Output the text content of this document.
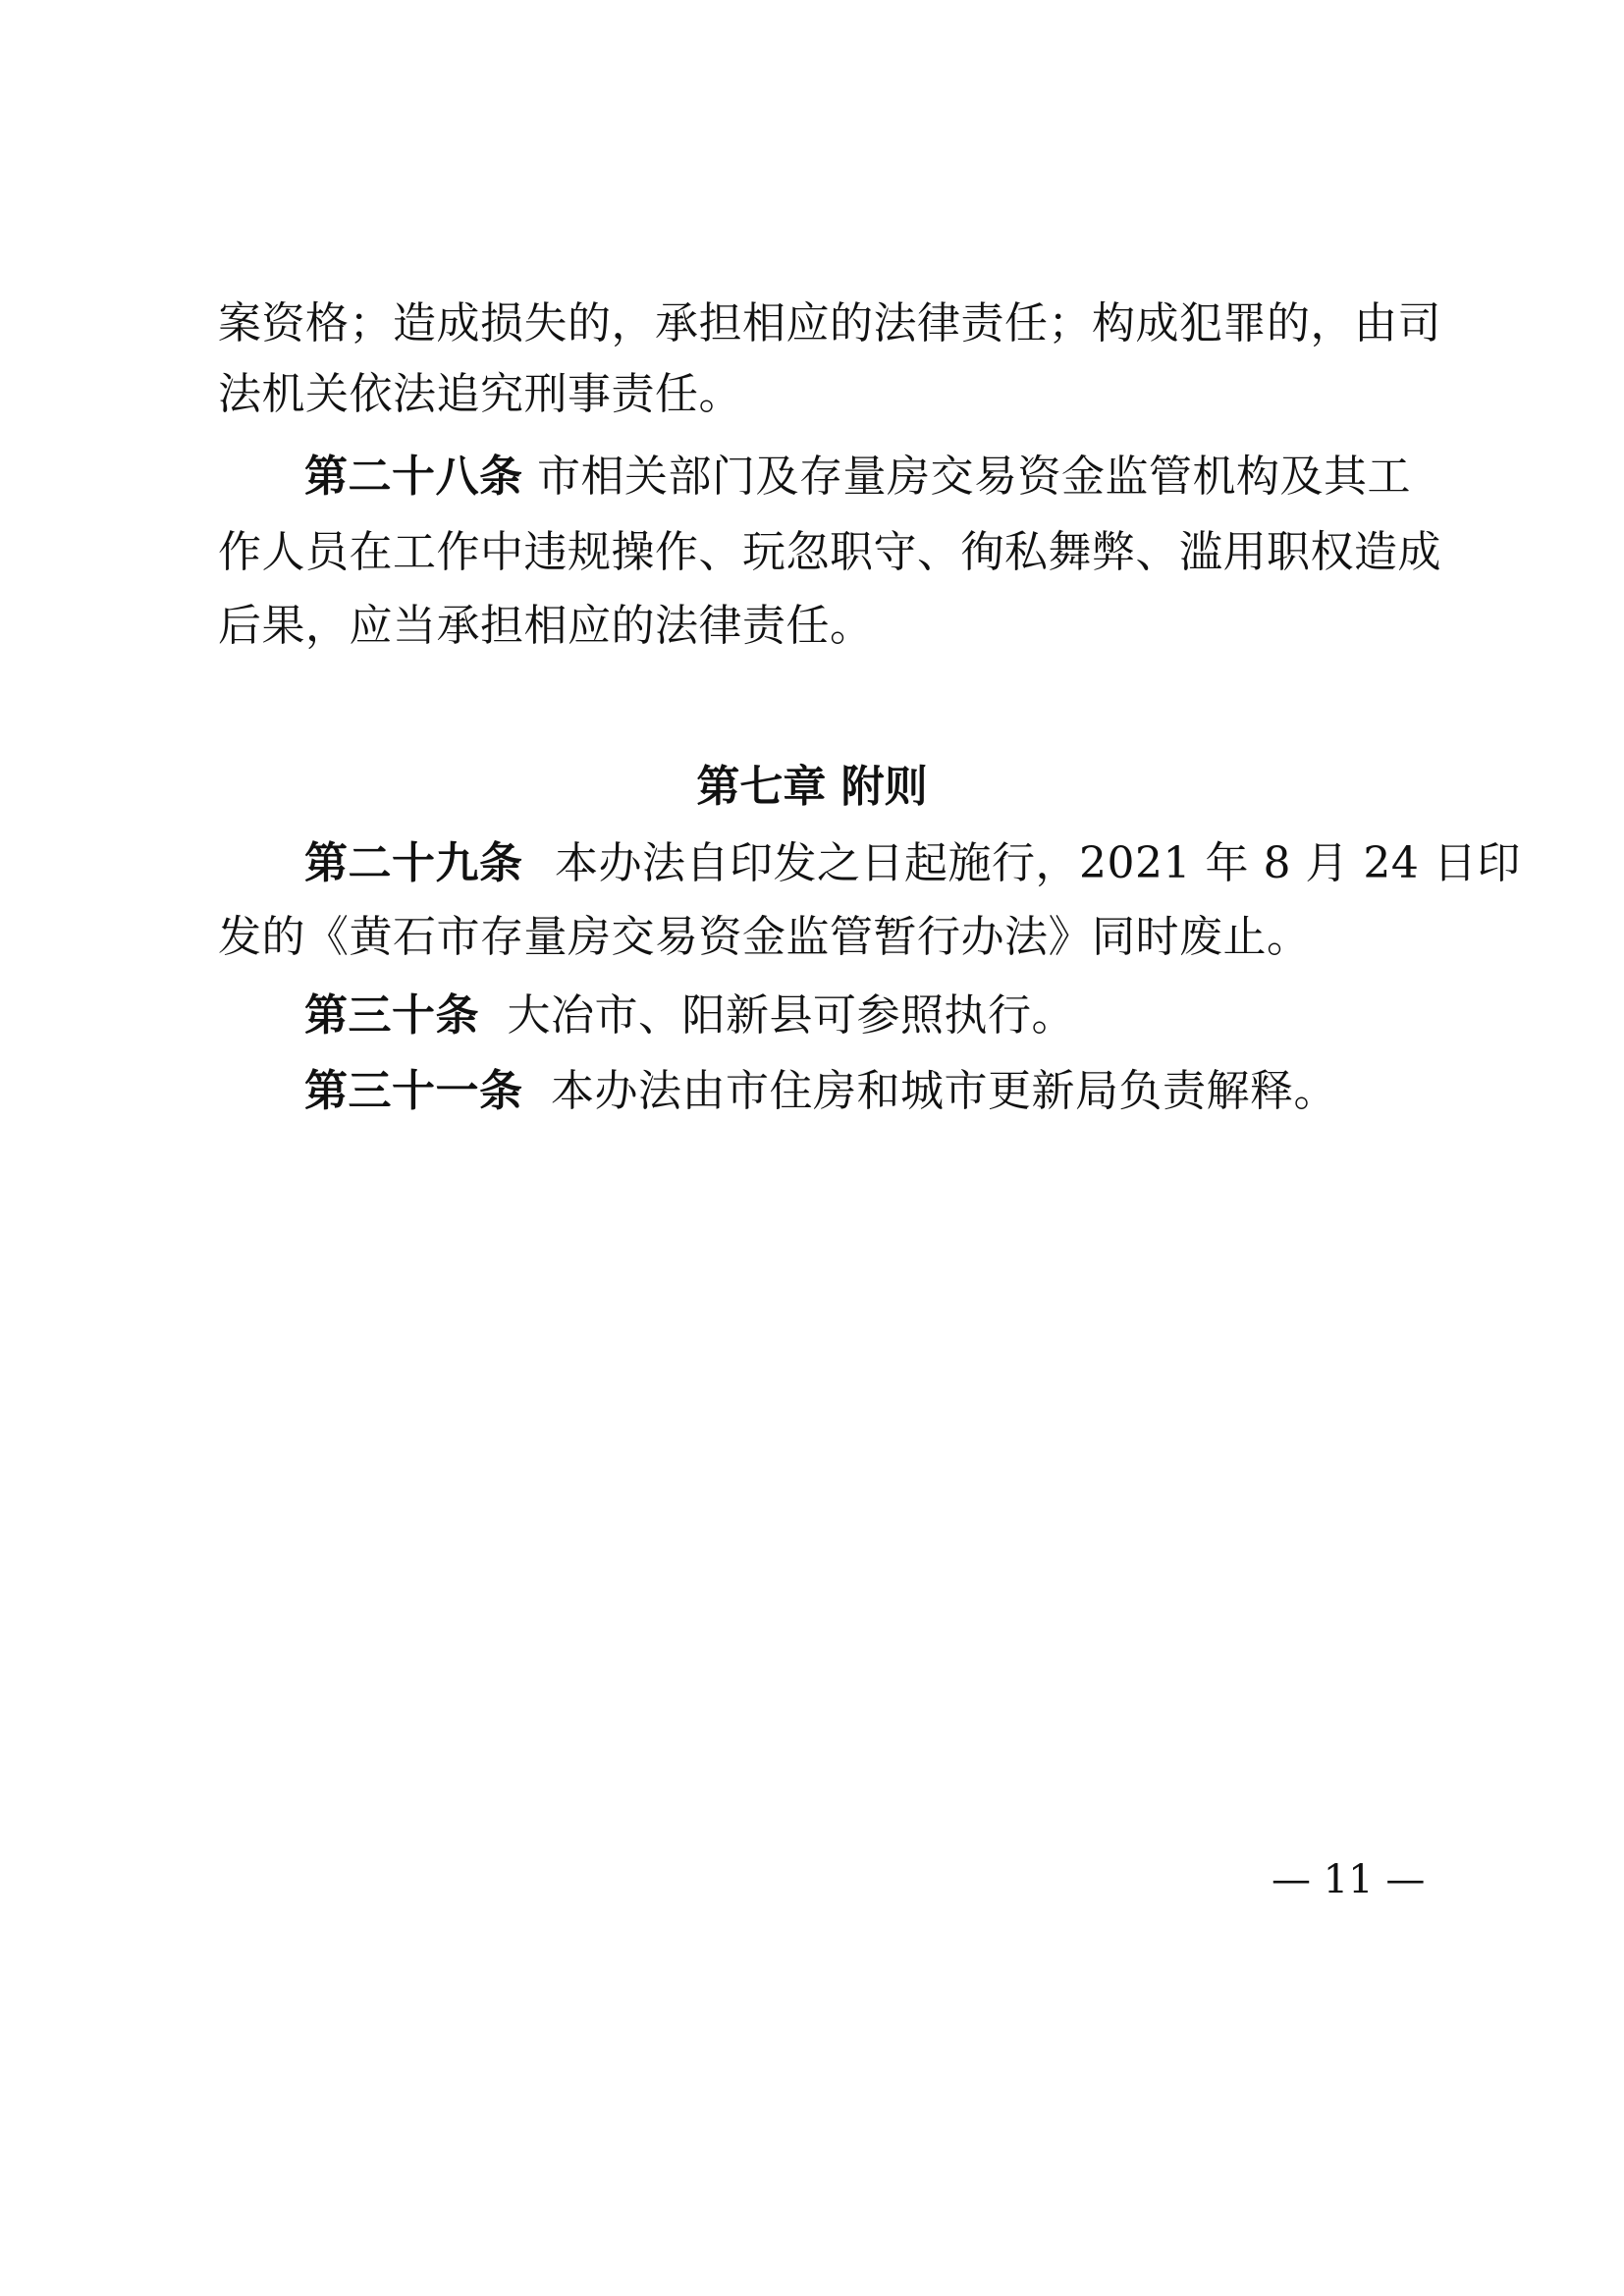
案资格；造成损失的，承担相应的法律责任；构成犯罪的，由司
法机关依法追究刑事责任。
第二十八条 市相关部门及存量房交易资金监管机构及其工
作人员在工作中违规操作、玩忽职守、徇私舞弊、滥用职权造成
后果，应当承担相应的法律责任。
第七章 附则
第二十九条 本办法自印发之日起施行，2021 年 8 月 24 日印
发的《黄石市存量房交易资金监管暂行办法》同时废止。
第三十条 大冶市、阳新县可参照执行。
第三十一条 本办法由市住房和城市更新局负责解释。
— 11 —
